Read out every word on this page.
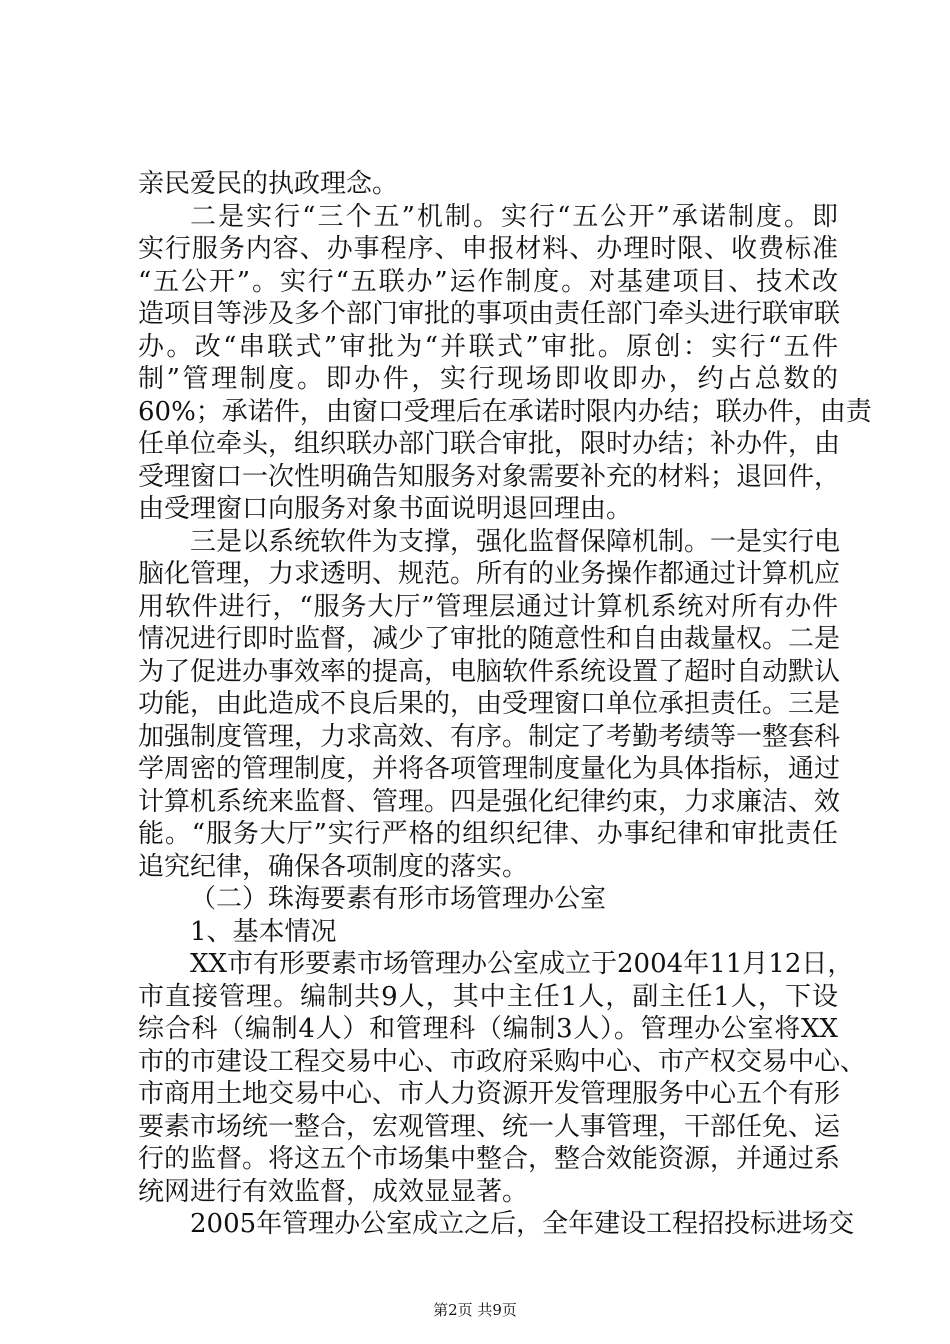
亲民爱民的执政理念。
二是实行“三个五”机制。实行“五公开”承诺制度。即
实行服务内容、办事程序、申报材料、办理时限、收费标准
“五公开”。实行“五联办”运作制度。对基建项目、技术改
造项目等涉及多个部门审批的事项由责任部门牵头进行联审联
办。改“串联式”审批为“并联式”审批。原创：实行“五件
制”管理制度。即办件，实行现场即收即办，约占总数的
60%；承诺件，由窗口受理后在承诺时限内办结；联办件，由责
任单位牵头，组织联办部门联合审批，限时办结；补办件，由
受理窗口一次性明确告知服务对象需要补充的材料；退回件，
由受理窗口向服务对象书面说明退回理由。
三是以系统软件为支撑，强化监督保障机制。一是实行电
脑化管理，力求透明、规范。所有的业务操作都通过计算机应
用软件进行，“服务大厅”管理层通过计算机系统对所有办件
情况进行即时监督，减少了审批的随意性和自由裁量权。二是
为了促进办事效率的提高，电脑软件系统设置了超时自动默认
功能，由此造成不良后果的，由受理窗口单位承担责任。三是
加强制度管理，力求高效、有序。制定了考勤考绩等一整套科
学周密的管理制度，并将各项管理制度量化为具体指标，通过
计算机系统来监督、管理。四是强化纪律约束，力求廉洁、效
能。“服务大厅”实行严格的组织纪律、办事纪律和审批责任
追究纪律，确保各项制度的落实。
（二）珠海要素有形市场管理办公室
1、基本情况
XX市有形要素市场管理办公室成立于2004年11月12日，
市直接管理。编制共9人，其中主任1人，副主任1人，下设
综合科（编制4人）和管理科（编制3人）。管理办公室将XX
市的市建设工程交易中心、市政府采购中心、市产权交易中心、
市商用土地交易中心、市人力资源开发管理服务中心五个有形
要素市场统一整合，宏观管理、统一人事管理，干部任免、运
行的监督。将这五个市场集中整合，整合效能资源，并通过系
统网进行有效监督，成效显显著。
2005年管理办公室成立之后，全年建设工程招投标进场交
第2页 共9页
